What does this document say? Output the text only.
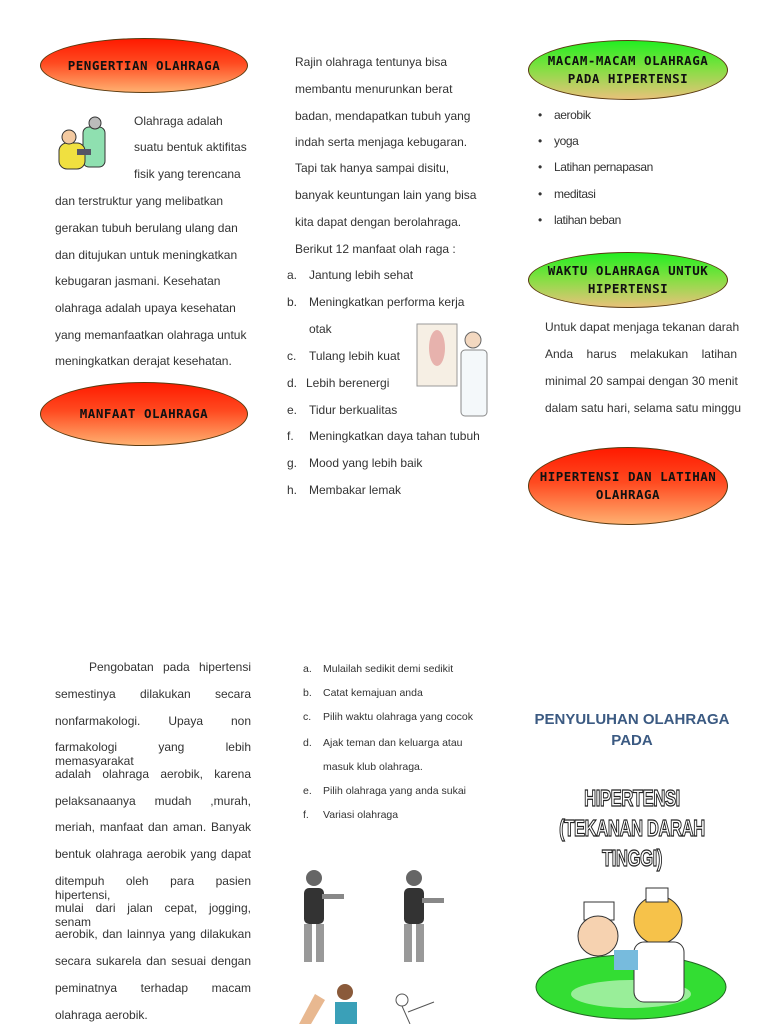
PENGERTIAN OLAHRAGA
Olahraga adalah
suatu bentuk aktifitas
fisik yang terencana
dan terstruktur yang melibatkan
gerakan tubuh berulang ulang dan
dan ditujukan untuk meningkatkan
kebugaran jasmani. Kesehatan
olahraga adalah upaya kesehatan
yang memanfaatkan olahraga untuk
meningkatkan derajat kesehatan.
MANFAAT OLAHRAGA
Rajin olahraga tentunya bisa
membantu menurunkan berat
badan, mendapatkan tubuh yang
indah serta menjaga kebugaran.
Tapi tak hanya sampai disitu,
banyak keuntungan lain yang bisa
kita dapat dengan berolahraga.
Berikut 12 manfaat olah raga :
a. Jantung lebih sehat
b. Meningkatkan performa kerja
otak
c. Tulang lebih kuat
d. Lebih berenergi
e. Tidur berkualitas
f. Meningkatkan daya tahan tubuh
g. Mood yang lebih baik
h. Membakar lemak
MACAM-MACAM OLAHRAGA
PADA HIPERTENSI
• aerobik
• yoga
• Latihan pernapasan
• meditasi
• latihan beban
WAKTU OLAHRAGA UNTUK
HIPERTENSI
Untuk dapat menjaga tekanan darah
Anda harus melakukan latihan
minimal 20 sampai dengan 30 menit
dalam satu hari, selama satu minggu
HIPERTENSI DAN LATIHAN
OLAHRAGA
Pengobatan pada hipertensi
semestinya dilakukan secara
nonfarmakologi. Upaya non
farmakologi yang lebih memasyarakat
adalah olahraga aerobik, karena
pelaksanaanya mudah ,murah,
meriah, manfaat dan aman. Banyak
bentuk olahraga aerobik yang dapat
ditempuh oleh para pasien hipertensi,
mulai dari jalan cepat, jogging, senam
aerobik, dan lainnya yang dilakukan
secara sukarela dan sesuai dengan
peminatnya terhadap macam
olahraga aerobik.
a. Mulailah sedikit demi sedikit
b. Catat kemajuan anda
c. Pilih waktu olahraga yang cocok
d. Ajak teman dan keluarga atau
masuk klub olahraga.
e. Pilih olahraga yang anda sukai
f. Variasi olahraga
PENYULUHAN OLAHRAGA
PADA
HIPERTENSI
(TEKANAN DARAH TINGGI)
